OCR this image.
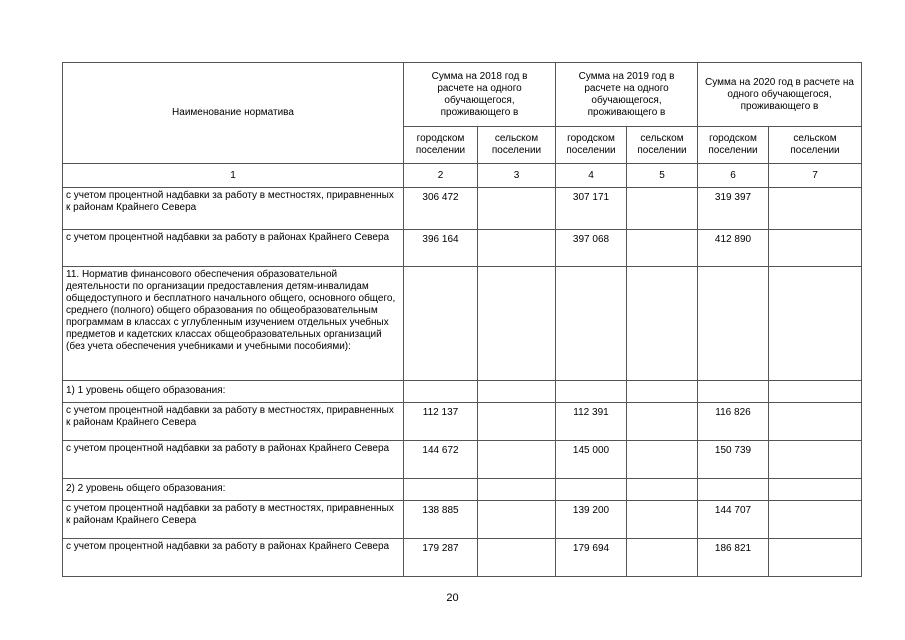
Наименование норматива	Сумма на 2018 год в расчете на одного обучающегося, проживающего в		Сумма на 2019 год в расчете на одного обучающегося, проживающего в		Сумма на 2020 год в расчете на одного обучающегося, проживающего в	
	городском поселении	сельском поселении	городском поселении	сельском поселении	городском поселении	сельском поселении
1	2	3	4	5	6	7
с учетом процентной надбавки за работу в местностях, приравненных к районам Крайнего Севера	306 472		307 171		319 397	
с учетом процентной надбавки за работу в районах Крайнего Севера	396 164		397 068		412 890	
11. Норматив финансового обеспечения образовательной деятельности по организации предоставления детям-инвалидам общедоступного и бесплатного начального общего, основного общего, среднего (полного) общего образования по общеобразовательным программам в классах с углубленным изучением отдельных учебных предметов и кадетских классах общеобразовательных организаций (без учета обеспечения учебниками и учебными пособиями):						
1) 1 уровень общего образования:						
с учетом процентной надбавки за работу в местностях, приравненных к районам Крайнего Севера	112 137		112 391		116 826	
с учетом процентной надбавки за работу в районах Крайнего Севера	144 672		145 000		150 739	
2) 2 уровень общего образования:						
с учетом процентной надбавки за работу в местностях, приравненных к районам Крайнего Севера	138 885		139 200		144 707	
с учетом процентной надбавки за работу в районах Крайнего Севера	179 287		179 694		186 821	
20
